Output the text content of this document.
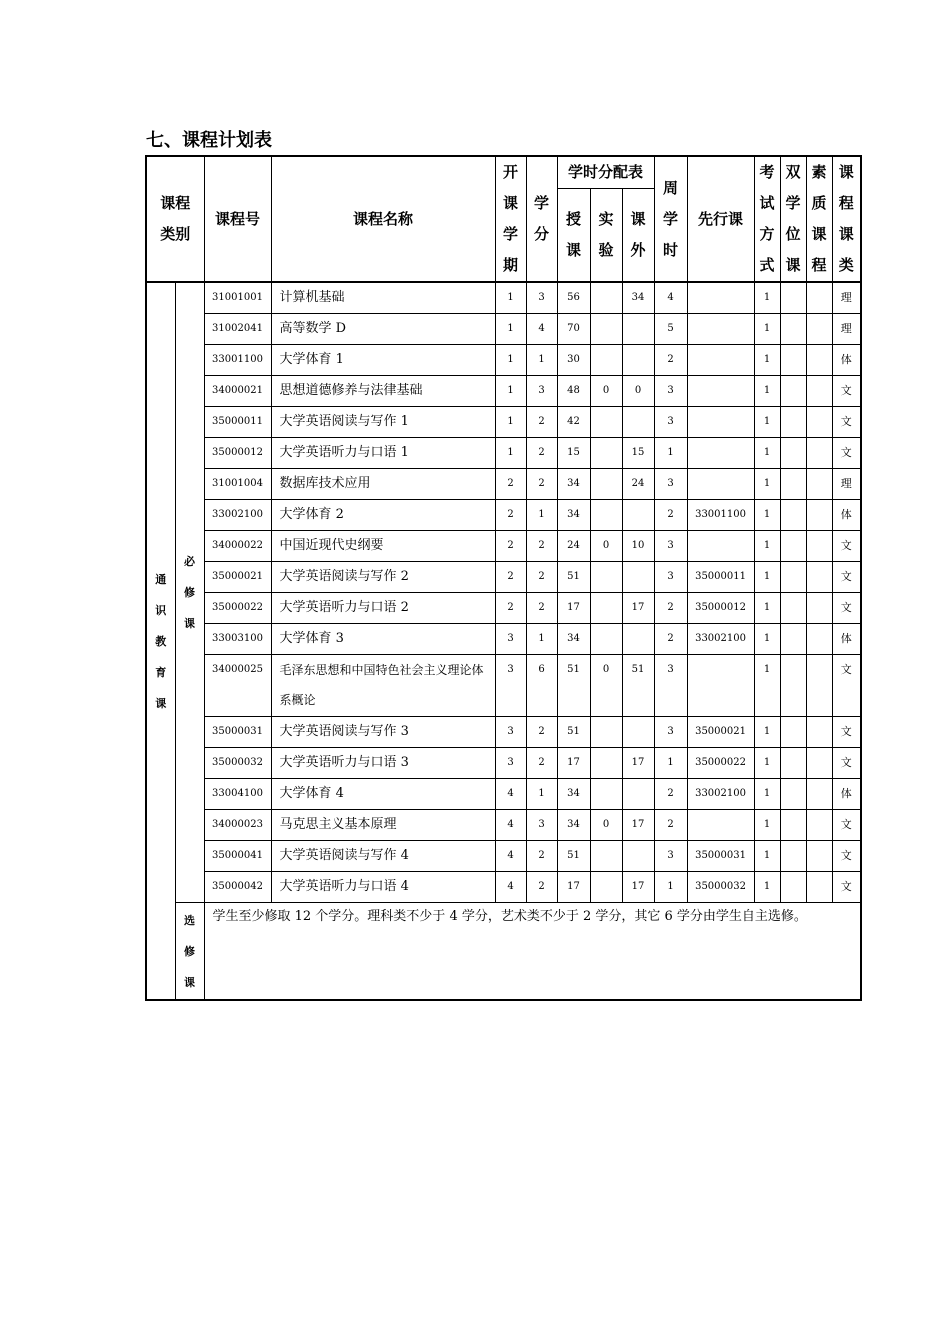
七、课程计划表
课程类别		课程号	课程名称	开课学期	学分	学时分配表			周学时	先行课	考试方式	双学位课	素质课程	课程课类

						授课	实验	课外						

通识教育课	必修课	31001001	计算机基础	1	3	56		34	4		1			理
		31002041	高等数学 D	1	4	70			5		1			理
		33001100	大学体育 1	1	1	30			2		1			体
		34000021	思想道德修养与法律基础	1	3	48	0	0	3		1			文
		35000011	大学英语阅读与写作 1	1	2	42			3		1			文
		35000012	大学英语听力与口语 1	1	2	15		15	1		1			文
		31001004	数据库技术应用	2	2	34		24	3		1			理
		33002100	大学体育 2	2	1	34			2	33001100	1			体
		34000022	中国近现代史纲要	2	2	24	0	10	3		1			文
		35000021	大学英语阅读与写作 2	2	2	51			3	35000011	1			文
		35000022	大学英语听力与口语 2	2	2	17		17	2	35000012	1			文
		33003100	大学体育 3	3	1	34			2	33002100	1			体
		34000025	毛泽东思想和中国特色社会主义理论体系概论	3	6	51	0	51	3		1			文
		35000031	大学英语阅读与写作 3	3	2	51			3	35000021	1			文
		35000032	大学英语听力与口语 3	3	2	17		17	1	35000022	1			文
		33004100	大学体育 4	4	1	34			2	33002100	1			体
		34000023	马克思主义基本原理	4	3	34	0	17	2		1			文
		35000041	大学英语阅读与写作 4	4	2	51			3	35000031	1			文
		35000042	大学英语听力与口语 4	4	2	17		17	1	35000032	1			文

	选修课	学生至少修取 12 个学分。理科类不少于 4 学分，艺术类不少于 2 学分，其它 6 学分由学生自主选修。												
